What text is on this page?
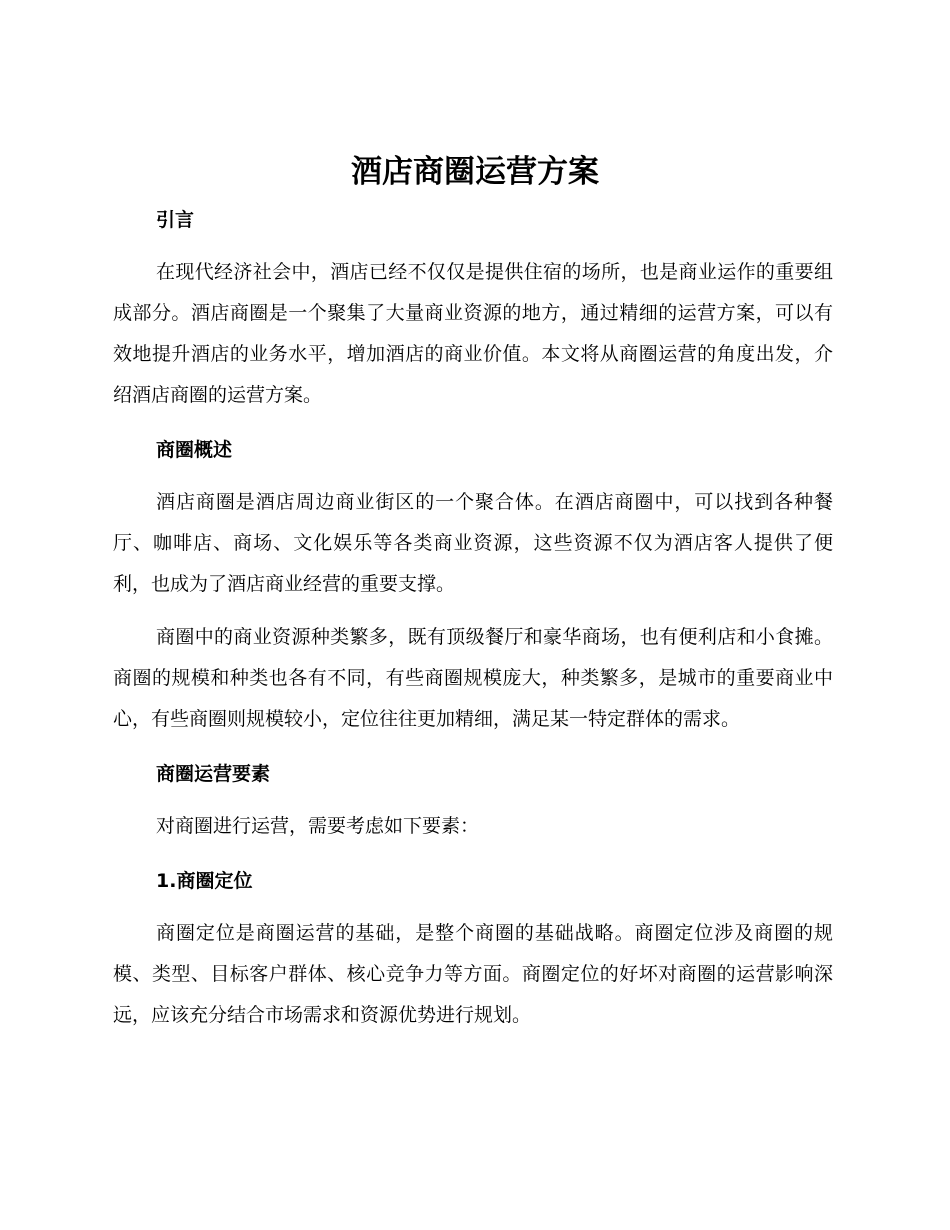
酒店商圈运营方案
引言

在现代经济社会中，酒店已经不仅仅是提供住宿的场所，也是商业运作的重要组成部分。酒店商圈是一个聚集了大量商业资源的地方，通过精细的运营方案，可以有效地提升酒店的业务水平，增加酒店的商业价值。本文将从商圈运营的角度出发，介绍酒店商圈的运营方案。

商圈概述

酒店商圈是酒店周边商业街区的一个聚合体。在酒店商圈中，可以找到各种餐厅、咖啡店、商场、文化娱乐等各类商业资源，这些资源不仅为酒店客人提供了便利，也成为了酒店商业经营的重要支撑。

商圈中的商业资源种类繁多，既有顶级餐厅和豪华商场，也有便利店和小食摊。商圈的规模和种类也各有不同，有些商圈规模庞大，种类繁多，是城市的重要商业中心，有些商圈则规模较小，定位往往更加精细，满足某一特定群体的需求。

商圈运营要素

对商圈进行运营，需要考虑如下要素：

1.商圈定位

商圈定位是商圈运营的基础，是整个商圈的基础战略。商圈定位涉及商圈的规模、类型、目标客户群体、核心竞争力等方面。商圈定位的好坏对商圈的运营影响深远，应该充分结合市场需求和资源优势进行规划。
